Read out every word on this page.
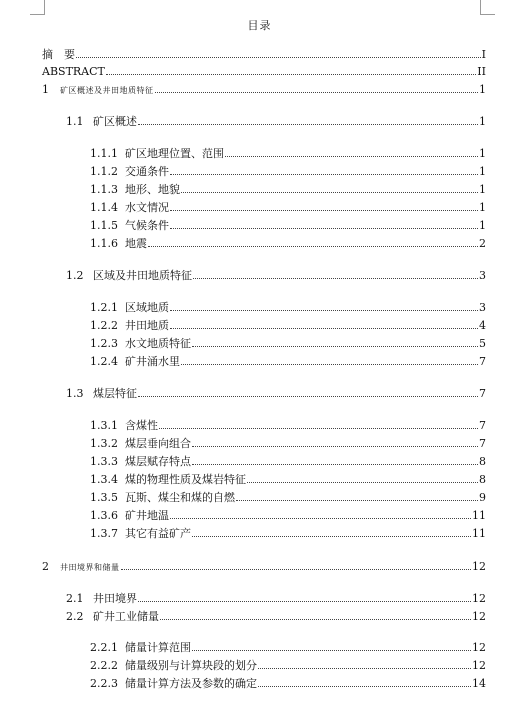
目录
摘　要	I
ABSTRACT	II
1	矿区概述及井田地质特征	1
1.1 矿区概述	1
1.1.1 矿区地理位置、范围	1
1.1.2 交通条件	1
1.1.3 地形、地貌	1
1.1.4 水文情况	1
1.1.5 气候条件	1
1.1.6 地震	2
1.2 区域及井田地质特征	3
1.2.1 区域地质	3
1.2.2 井田地质	4
1.2.3 水文地质特征	5
1.2.4 矿井涌水里	7
1.3 煤层特征	7
1.3.1 含煤性	7
1.3.2 煤层垂向组合	7
1.3.3 煤层赋存特点	8
1.3.4 煤的物理性质及煤岩特征	8
1.3.5 瓦斯、煤尘和煤的自燃	9
1.3.6 矿井地温	11
1.3.7 其它有益矿产	11
2	井田境界和储量	12
2.1 井田境界	12
2.2 矿井工业储量	12
2.2.1 储量计算范围	12
2.2.2 储量级别与计算块段的划分	12
2.2.3 储量计算方法及参数的确定	14
